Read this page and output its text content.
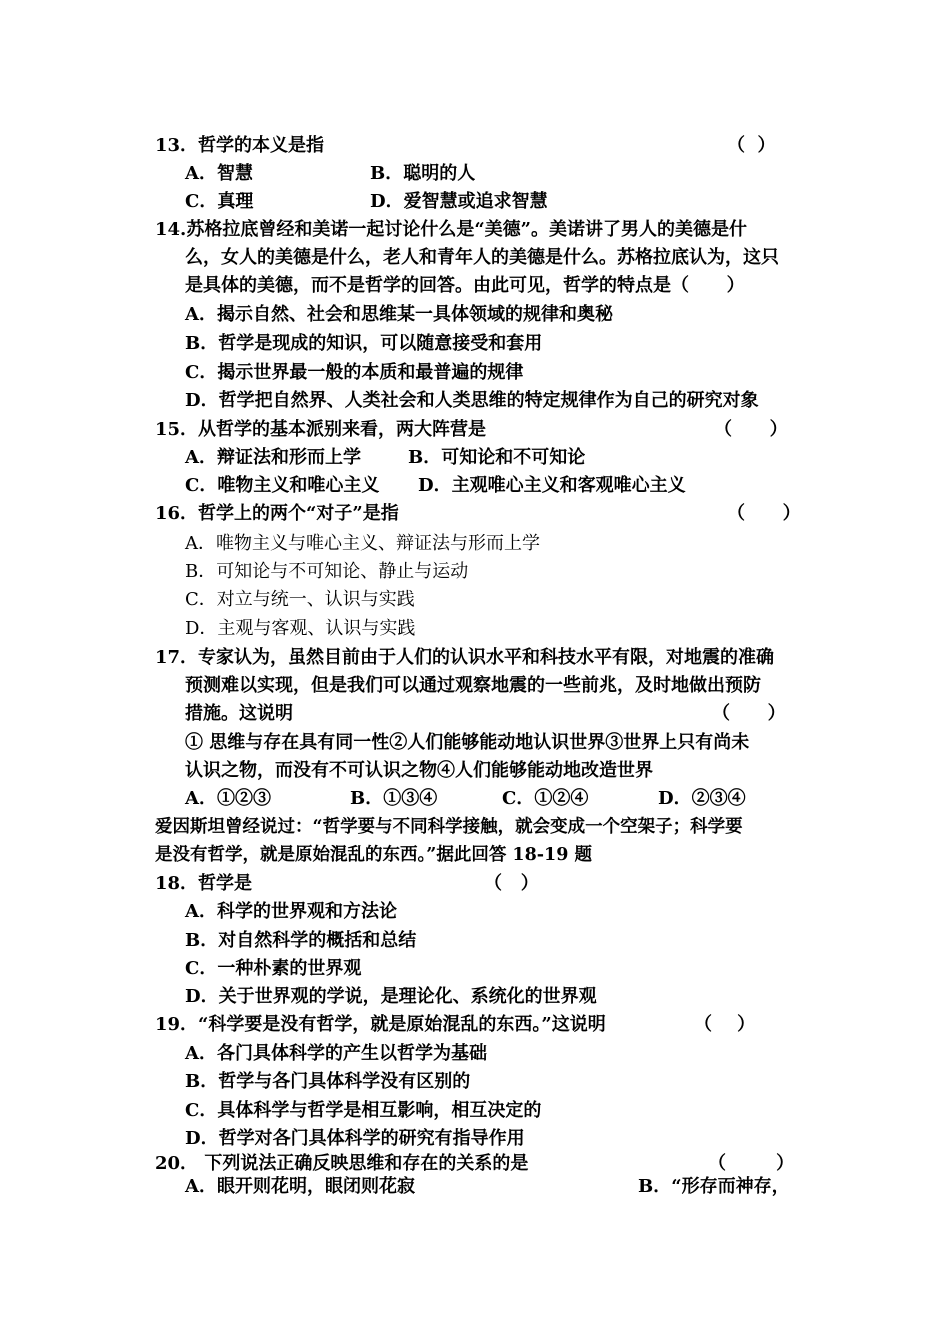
13．哲学的本义是指	（  ）
A．智慧	B．聪明的人
C．真理	D．爱智慧或追求智慧
14.苏格拉底曾经和美诺一起讨论什么是“美德”。美诺讲了男人的美德是什
么，女人的美德是什么，老人和青年人的美德是什么。苏格拉底认为，这只
是具体的美德，而不是哲学的回答。由此可见，哲学的特点是（      ）
A．揭示自然、社会和思维某一具体领域的规律和奥秘
B．哲学是现成的知识，可以随意接受和套用
C．揭示世界最一般的本质和最普遍的规律
D．哲学把自然界、人类社会和人类思维的特定规律作为自己的研究对象
15．从哲学的基本派别来看，两大阵营是	（      ）
A．辩证法和形而上学	B．可知论和不可知论
C．唯物主义和唯心主义 D．主观唯心主义和客观唯心主义
16．哲学上的两个“对子”是指	（      ）
A．唯物主义与唯心主义、辩证法与形而上学
B．可知论与不可知论、静止与运动
C．对立与统一、认识与实践
D．主观与客观、认识与实践
17．专家认为，虽然目前由于人们的认识水平和科技水平有限，对地震的准确
预测难以实现，但是我们可以通过观察地震的一些前兆，及时地做出预防
措施。这说明	（      ）
① 思维与存在具有同一性②人们能够能动地认识世界③世界上只有尚未
认识之物，而没有不可认识之物④人们能够能动地改造世界
A．①②③	B．①③④	C．①②④	D．②③④
爱因斯坦曾经说过：“哲学要与不同科学接触，就会变成一个空架子；科学要
是没有哲学，就是原始混乱的东西。”据此回答 18-19 题
18．哲学是	（   ）
A．科学的世界观和方法论
B．对自然科学的概括和总结
C．一种朴素的世界观
D．关于世界观的学说，是理论化、系统化的世界观
19．“科学要是没有哲学，就是原始混乱的东西。”这说明	（    ）
A．各门具体科学的产生以哲学为基础
B．哲学与各门具体科学没有区别的
C．具体科学与哲学是相互影响，相互决定的
D．哲学对各门具体科学的研究有指导作用
20． 下列说法正确反映思维和存在的关系的是	（        ）
A．眼开则花明，眼闭则花寂	B．“形存而神存，
